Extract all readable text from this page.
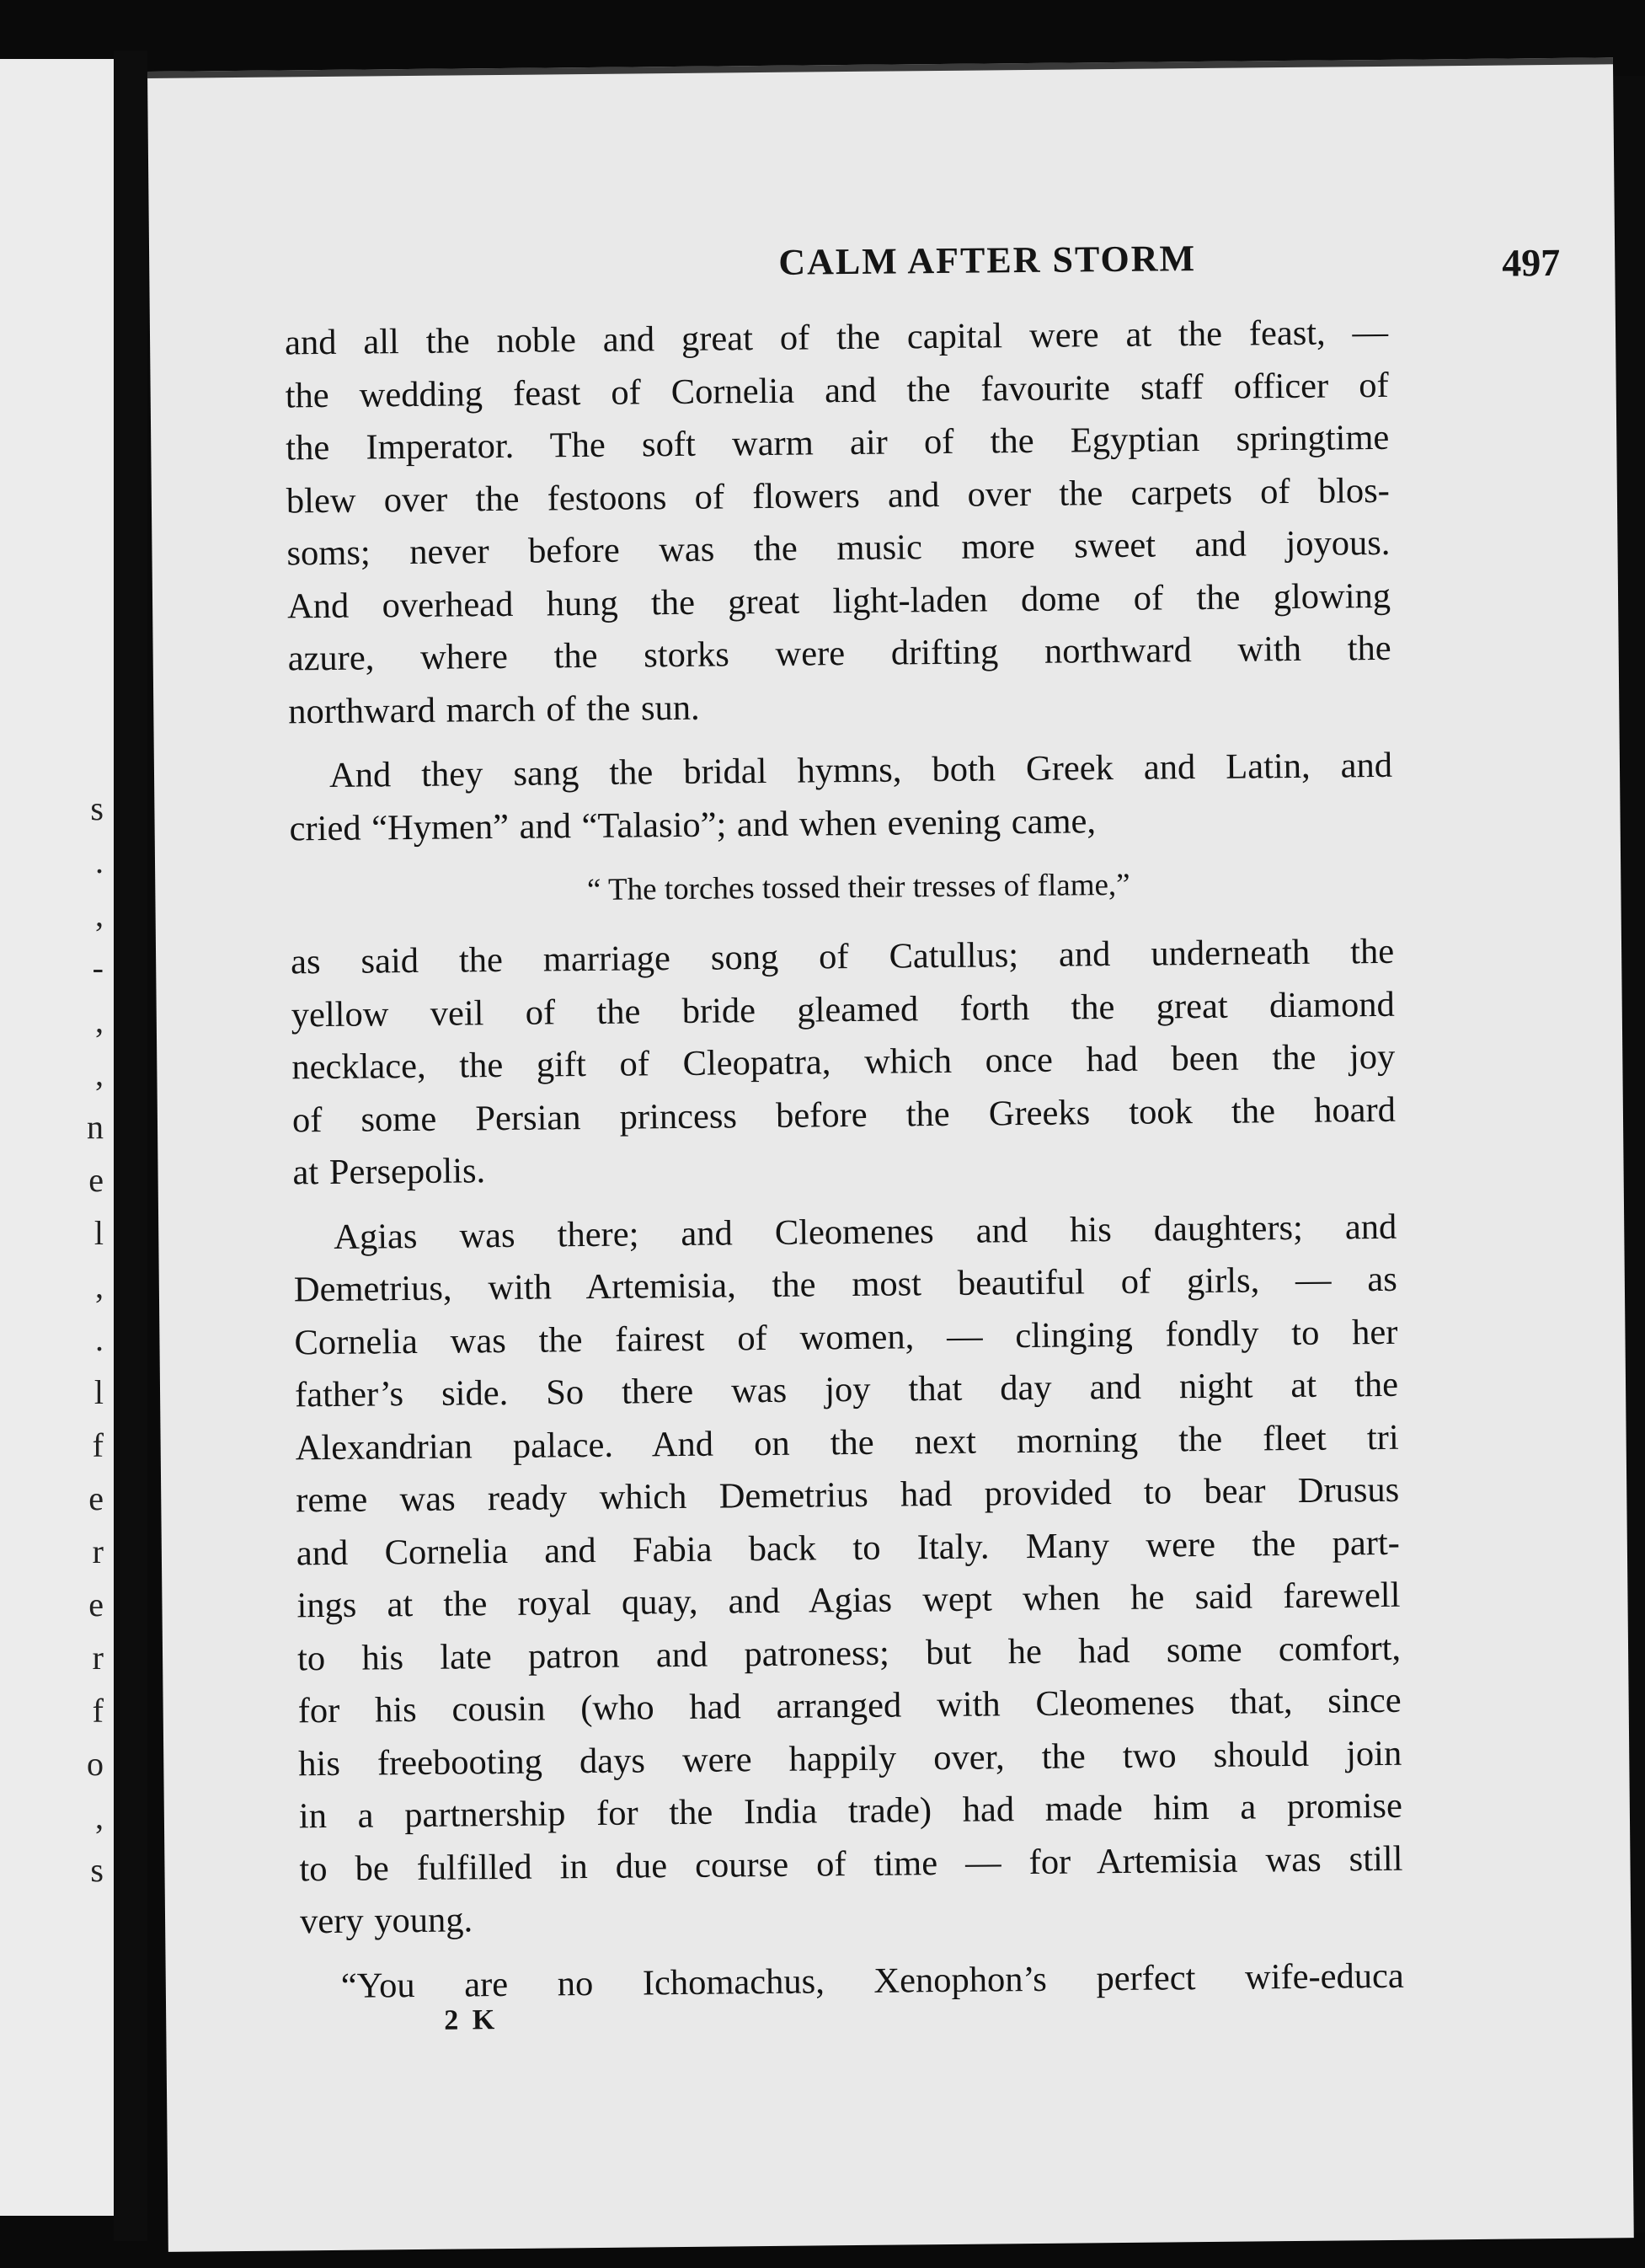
s
.
,
-
,
,
n
e
l
,
.
l
f
e
r
e
r
f
o
,
s
CALM AFTER STORM	497

and all the noble and great of the capital were at the feast, —
the wedding feast of Cornelia and the favourite staff officer of
the Imperator. The soft warm air of the Egyptian springtime
blew over the festoons of flowers and over the carpets of blos-
soms; never before was the music more sweet and joyous.
And overhead hung the great light-laden dome of the glowing
azure, where the storks were drifting northward with the
northward march of the sun.

And they sang the bridal hymns, both Greek and Latin, and
cried “Hymen” and “Talasio”; and when evening came,

“ The torches tossed their tresses of flame,”

as said the marriage song of Catullus; and underneath the
yellow veil of the bride gleamed forth the great diamond
necklace, the gift of Cleopatra, which once had been the joy
of some Persian princess before the Greeks took the hoard
at Persepolis.

Agias was there; and Cleomenes and his daughters; and
Demetrius, with Artemisia, the most beautiful of girls, — as
Cornelia was the fairest of women, — clinging fondly to her
father’s side. So there was joy that day and night at the
Alexandrian palace. And on the next morning the fleet tri
reme was ready which Demetrius had provided to bear Drusus
and Cornelia and Fabia back to Italy. Many were the part-
ings at the royal quay, and Agias wept when he said farewell
to his late patron and patroness; but he had some comfort,
for his cousin (who had arranged with Cleomenes that, since
his freebooting days were happily over, the two should join
in a partnership for the India trade) had made him a promise
to be fulfilled in due course of time — for Artemisia was still
very young.

“You are no Ichomachus, Xenophon’s perfect wife-educa

2 K
